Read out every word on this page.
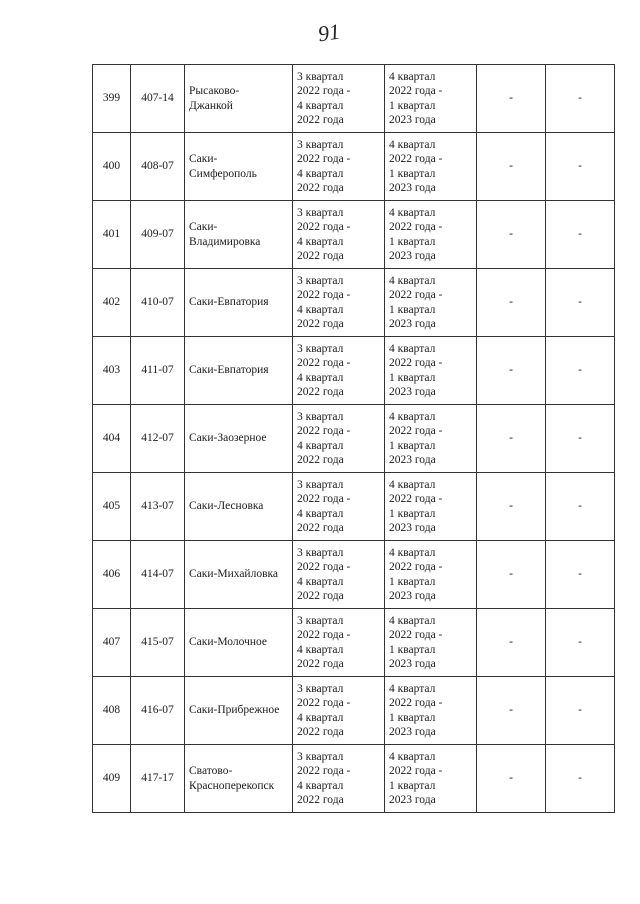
91
399	407-14	Рысаково-
Джанкой	3 квартал
2022 года -
4 квартал
2022 года	4 квартал
2022 года -
1 квартал
2023 года	-	-
400	408-07	Саки-
Симферополь	3 квартал
2022 года -
4 квартал
2022 года	4 квартал
2022 года -
1 квартал
2023 года	-	-
401	409-07	Саки-
Владимировка	3 квартал
2022 года -
4 квартал
2022 года	4 квартал
2022 года -
1 квартал
2023 года	-	-
402	410-07	Саки-Евпатория	3 квартал
2022 года -
4 квартал
2022 года	4 квартал
2022 года -
1 квартал
2023 года	-	-
403	411-07	Саки-Евпатория	3 квартал
2022 года -
4 квартал
2022 года	4 квартал
2022 года -
1 квартал
2023 года	-	-
404	412-07	Саки-Заозерное	3 квартал
2022 года -
4 квартал
2022 года	4 квартал
2022 года -
1 квартал
2023 года	-	-
405	413-07	Саки-Лесновка	3 квартал
2022 года -
4 квартал
2022 года	4 квартал
2022 года -
1 квартал
2023 года	-	-
406	414-07	Саки-Михайловка	3 квартал
2022 года -
4 квартал
2022 года	4 квартал
2022 года -
1 квартал
2023 года	-	-
407	415-07	Саки-Молочное	3 квартал
2022 года -
4 квартал
2022 года	4 квартал
2022 года -
1 квартал
2023 года	-	-
408	416-07	Саки-Прибрежное	3 квартал
2022 года -
4 квартал
2022 года	4 квартал
2022 года -
1 квартал
2023 года	-	-
409	417-17	Сватово-
Красноперекопск	3 квартал
2022 года -
4 квартал
2022 года	4 квартал
2022 года -
1 квартал
2023 года	-	-
